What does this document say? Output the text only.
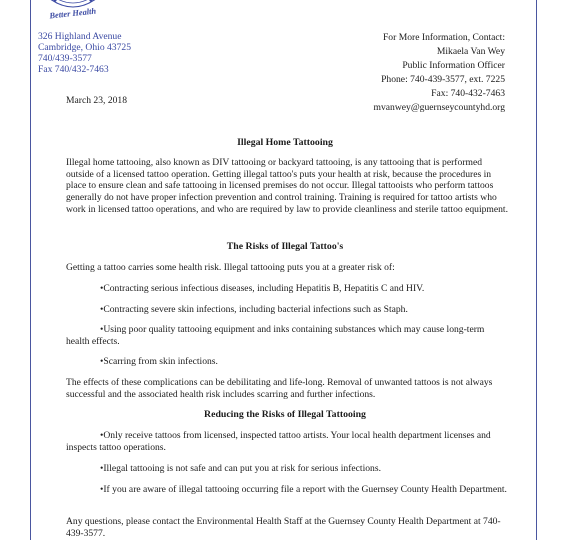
Better Health
326 Highland Avenue
Cambridge, Ohio 43725
740/439-3577
Fax 740/432-7463
For More Information, Contact:
Mikaela Van Wey
Public Information Officer
Phone: 740-439-3577, ext. 7225
Fax: 740-432-7463
mvanwey@guernseycountyhd.org
March 23, 2018
Illegal Home Tattooing
Illegal home tattooing, also known as DIV tattooing or backyard tattooing, is any tattooing that is performed outside of a licensed tattoo operation. Getting illegal tattoo's puts your health at risk, because the procedures in place to ensure clean and safe tattooing in licensed premises do not occur. Illegal tattooists who perform tattoos generally do not have proper infection prevention and control training. Training is required for tattoo artists who work in licensed tattoo operations, and who are required by law to provide cleanliness and sterile tattoo equipment.
The Risks of Illegal Tattoo's
Getting a tattoo carries some health risk. Illegal tattooing puts you at a greater risk of:
•Contracting serious infectious diseases, including Hepatitis B, Hepatitis C and HIV.
•Contracting severe skin infections, including bacterial infections such as Staph.
•Using poor quality tattooing equipment and inks containing substances which may cause long-term health effects.
•Scarring from skin infections.
The effects of these complications can be debilitating and life-long. Removal of unwanted tattoos is not always successful and the associated health risk includes scarring and further infections.
Reducing the Risks of Illegal Tattooing
•Only receive tattoos from licensed, inspected tattoo artists. Your local health department licenses and inspects tattoo operations.
•Illegal tattooing is not safe and can put you at risk for serious infections.
•If you are aware of illegal tattooing occurring file a report with the Guernsey County Health Department.
Any questions, please contact the Environmental Health Staff at the Guernsey County Health Department at 740-439-3577.
